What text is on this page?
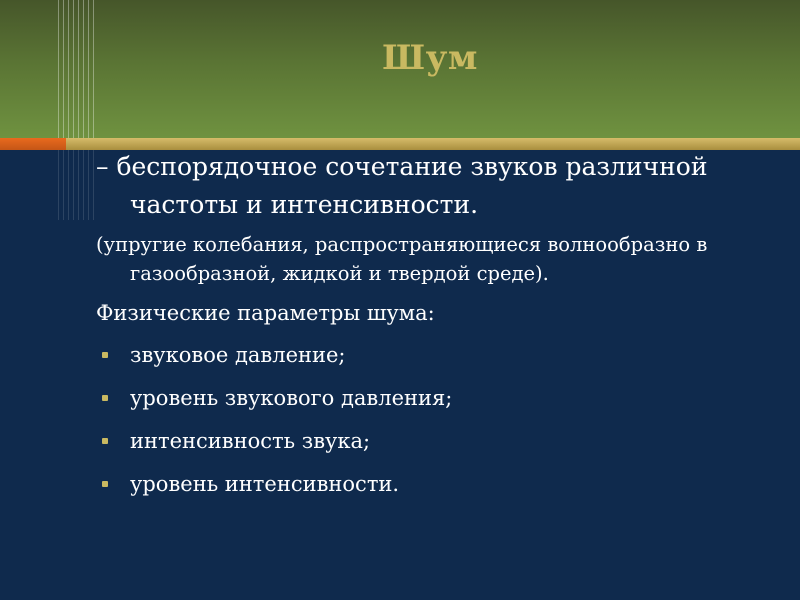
Шум

– беспорядочное сочетание звуков различной частоты и интенсивности.

(упругие колебания, распространяющиеся волнообразно в газообразной, жидкой и твердой среде).
Физические параметры шума:
звуковое давление;
уровень звукового давления;
интенсивность звука;
уровень интенсивности.
